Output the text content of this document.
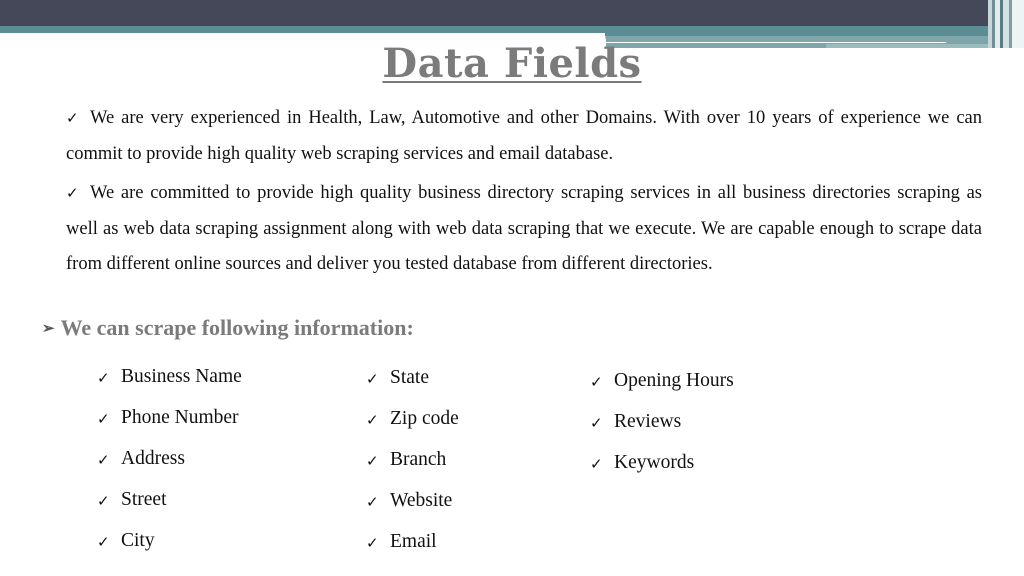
Data Fields

✓ We are very experienced in Health, Law, Automotive and other Domains. With over 10 years of experience we can commit to provide high quality web scraping services and email database.

✓ We are committed to provide high quality business directory scraping services in all business directories scraping as well as web data scraping assignment along with web data scraping that we execute. We are capable enough to scrape data from different online sources and deliver you tested database from different directories.

➢ We can scrape following information:
✓ Business Name
✓ Phone Number
✓ Address
✓ Street
✓ City
✓ State
✓ Zip code
✓ Branch
✓ Website
✓ Email
✓ Opening Hours
✓ Reviews
✓ Keywords
